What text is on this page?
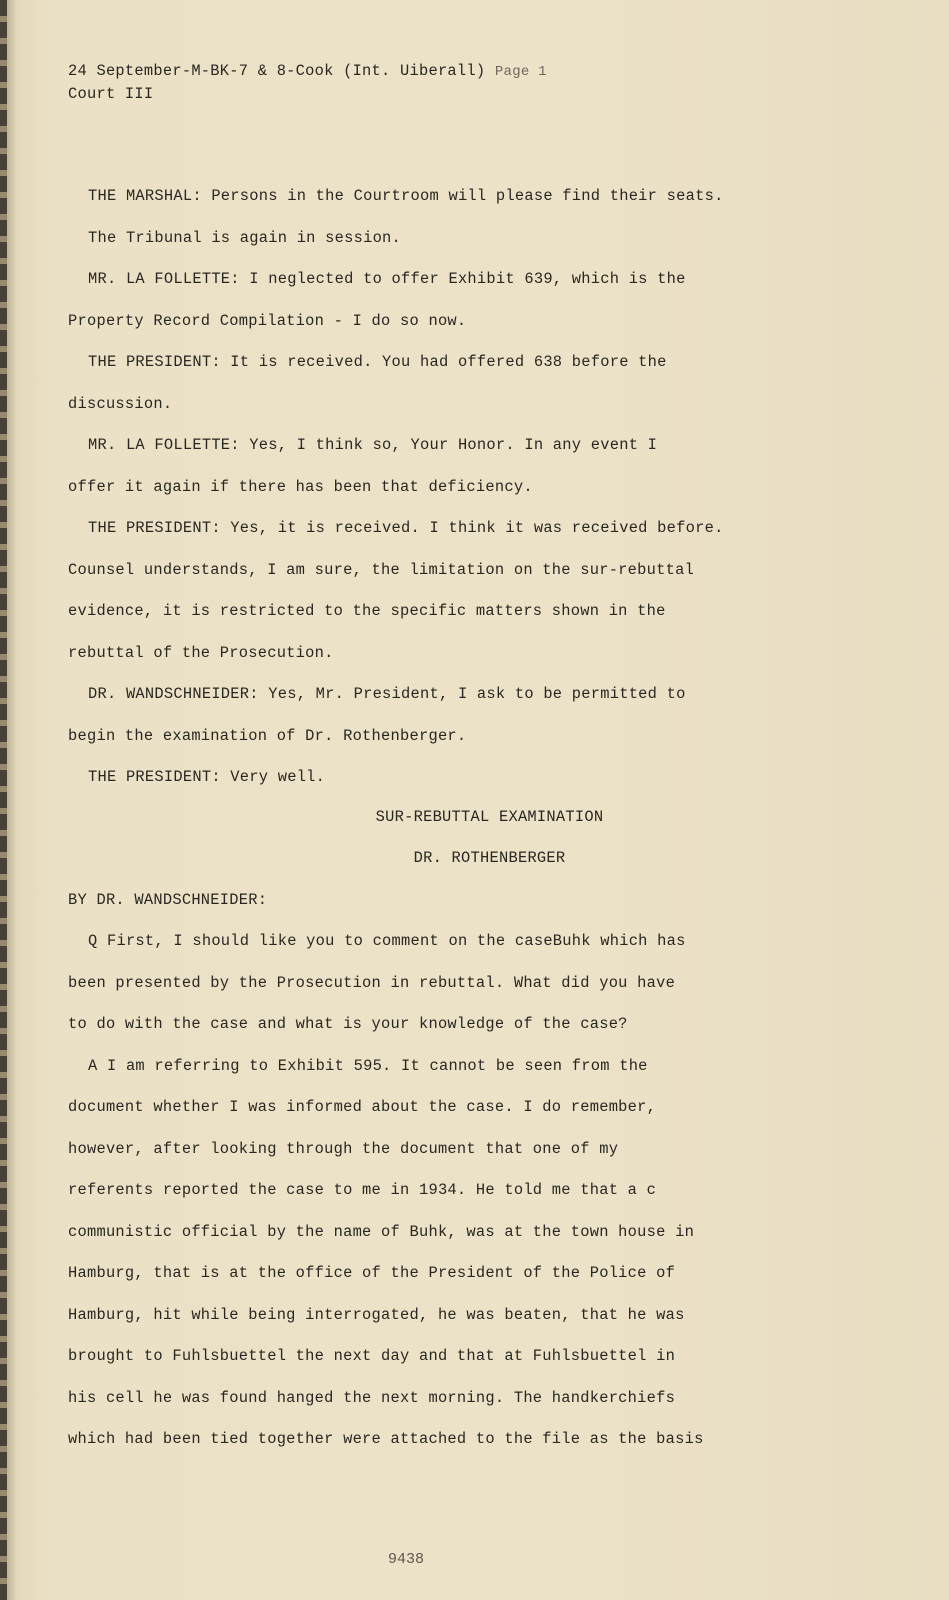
24 September-M-BK-7 & 8-Cook (Int. Uiberall) Page 1
Court III
THE MARSHAL: Persons in the Courtroom will please find their seats.
The Tribunal is again in session.
MR. LA FOLLETTE: I neglected to offer Exhibit 639, which is the
Property Record Compilation - I do so now.
THE PRESIDENT: It is received. You had offered 638 before the
discussion.
MR. LA FOLLETTE: Yes, I think so, Your Honor. In any event I
offer it again if there has been that deficiency.
THE PRESIDENT: Yes, it is received. I think it was received before.
Counsel understands, I am sure, the limitation on the sur-rebuttal
evidence, it is restricted to the specific matters shown in the
rebuttal of the Prosecution.
DR. WANDSCHNEIDER: Yes, Mr. President, I ask to be permitted to
begin the examination of Dr. Rothenberger.
THE PRESIDENT: Very well.
SUR-REBUTTAL EXAMINATION
DR. ROTHENBERGER
BY DR. WANDSCHNEIDER:
Q First, I should like you to comment on the caseBuhk which has
been presented by the Prosecution in rebuttal. What did you have
to do with the case and what is your knowledge of the case?
A I am referring to Exhibit 595. It cannot be seen from the
document whether I was informed about the case. I do remember,
however, after looking through the document that one of my
referents reported the case to me in 1934. He told me that a c
communistic official by the name of Buhk, was at the town house in
Hamburg, that is at the office of the President of the Police of
Hamburg, hit while being interrogated, he was beaten, that he was
brought to Fuhlsbuettel the next day and that at Fuhlsbuettel in
his cell he was found hanged the next morning. The handkerchiefs
which had been tied together were attached to the file as the basis
9438
